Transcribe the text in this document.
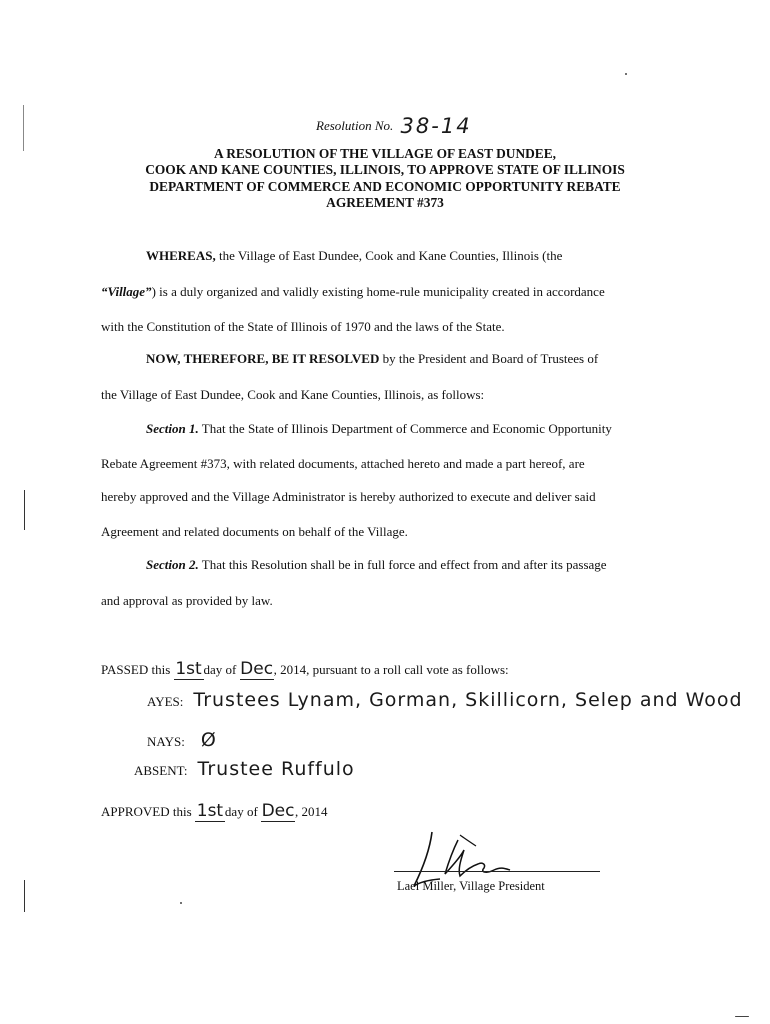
Resolution No. 38-14
A RESOLUTION OF THE VILLAGE OF EAST DUNDEE,
COOK AND KANE COUNTIES, ILLINOIS, TO APPROVE STATE OF ILLINOIS
DEPARTMENT OF COMMERCE AND ECONOMIC OPPORTUNITY REBATE
AGREEMENT #373
WHEREAS, the Village of East Dundee, Cook and Kane Counties, Illinois (the
“Village”) is a duly organized and validly existing home-rule municipality created in accordance
with the Constitution of the State of Illinois of 1970 and the laws of the State.
NOW, THEREFORE, BE IT RESOLVED by the President and Board of Trustees of
the Village of East Dundee, Cook and Kane Counties, Illinois, as follows:
Section 1. That the State of Illinois Department of Commerce and Economic Opportunity
Rebate Agreement #373, with related documents, attached hereto and made a part hereof, are
hereby approved and the Village Administrator is hereby authorized to execute and deliver said
Agreement and related documents on behalf of the Village.
Section 2. That this Resolution shall be in full force and effect from and after its passage
and approval as provided by law.
PASSED this 1st day of Dec, 2014, pursuant to a roll call vote as follows:
AYES: Trustees Lynam, Gorman, Skillicorn, Selep and Wood
NAYS: Ø
ABSENT: Trustee Ruffulo
APPROVED this 1st day of Dec, 2014
Lael Miller, Village President
